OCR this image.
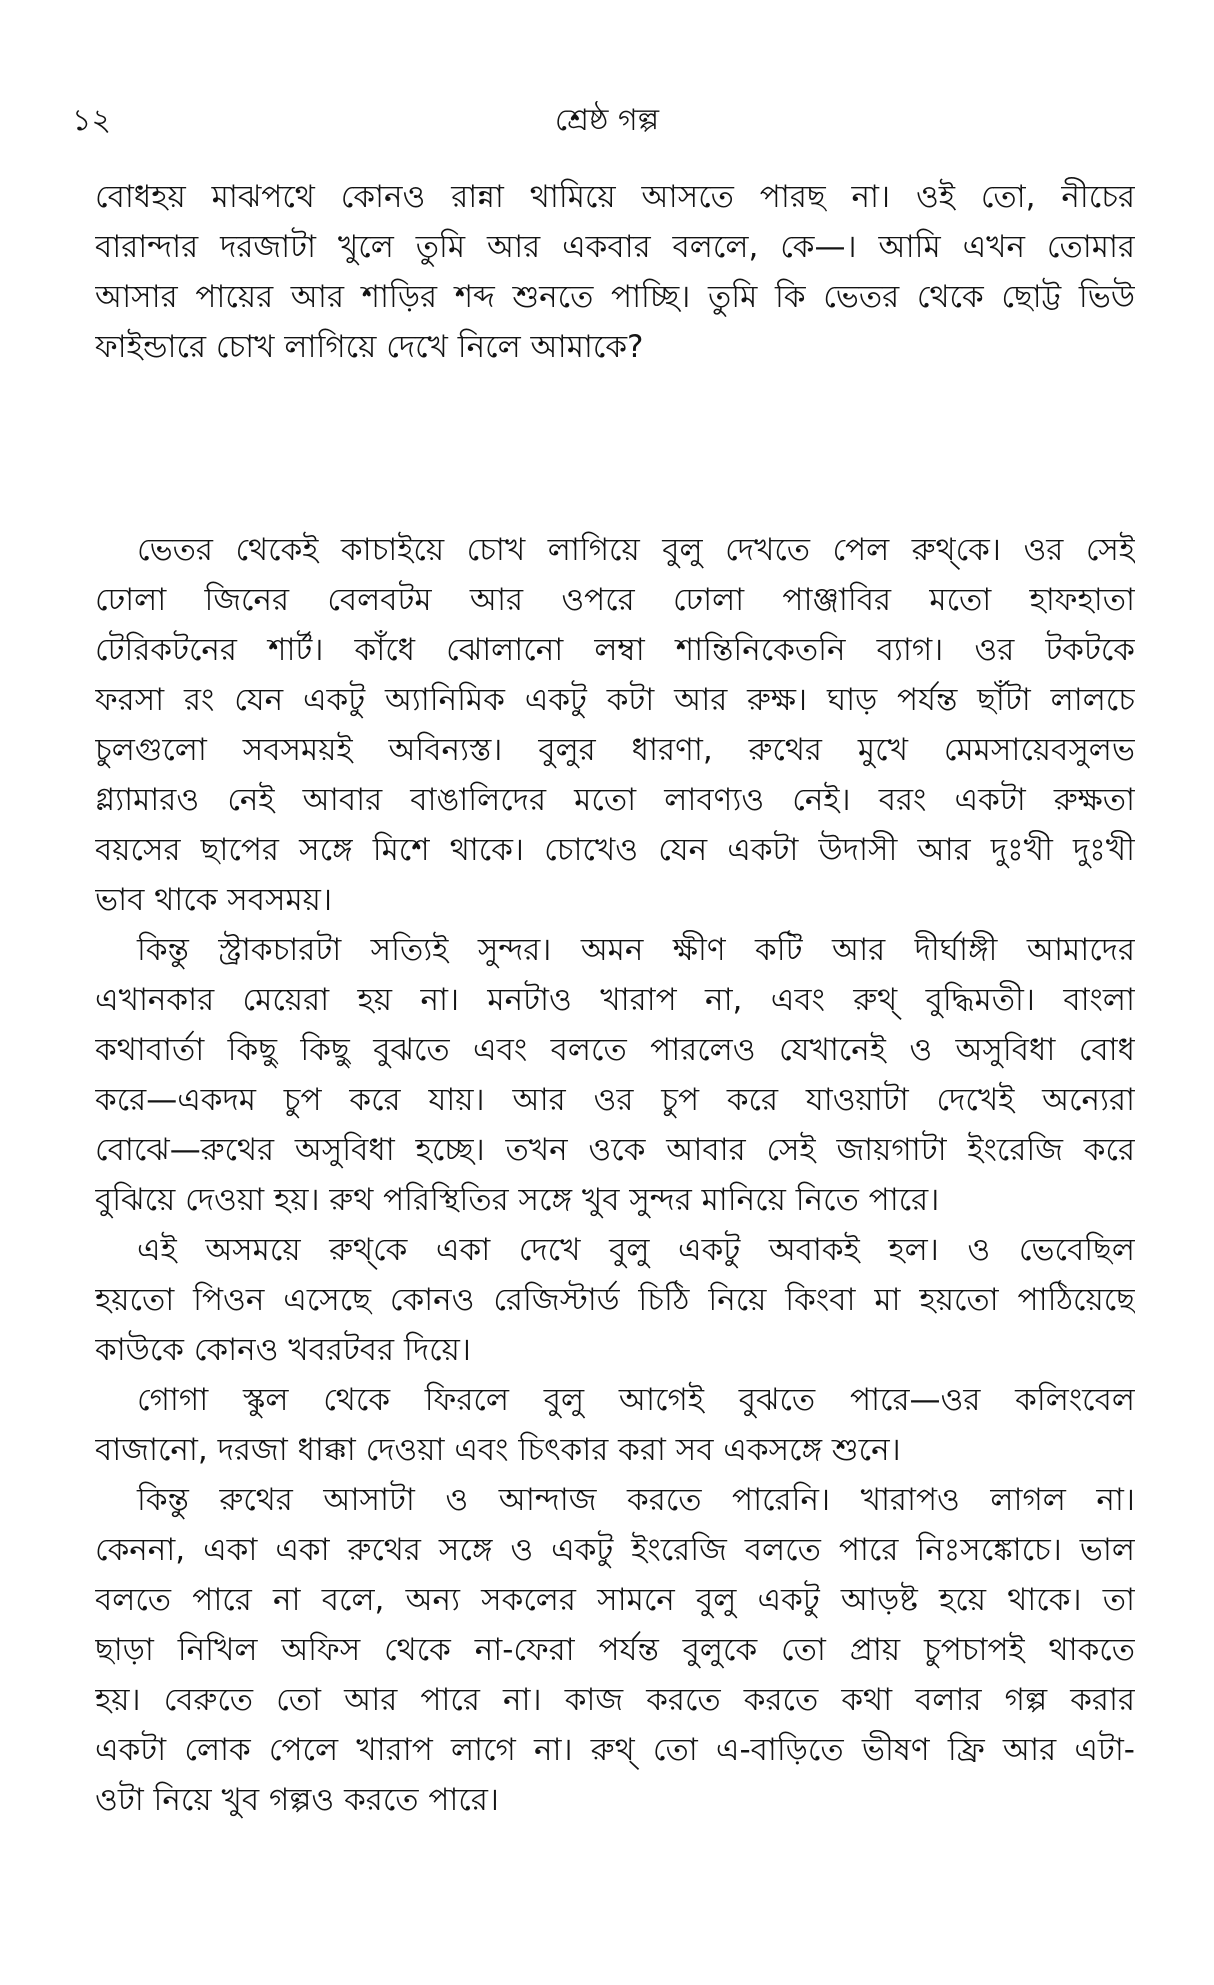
১২	শ্রেষ্ঠ গল্প
বোধহয় মাঝপথে কোনও রান্না থামিয়ে আসতে পারছ না। ওই তো, নীচের
বারান্দার দরজাটা খুলে তুমি আর একবার বললে, কে—। আমি এখন তোমার
আসার পায়ের আর শাড়ির শব্দ শুনতে পাচ্ছি। তুমি কি ভেতর থেকে ছোট্ট ভিউ
ফাইন্ডারে চোখ লাগিয়ে দেখে নিলে আমাকে?
ভেতর থেকেই কাচাইয়ে চোখ লাগিয়ে বুলু দেখতে পেল রুথ্‌কে। ওর সেই
ঢোলা জিনের বেলবটম আর ওপরে ঢোলা পাঞ্জাবির মতো হাফহাতা
টেরিকটনের শার্ট। কাঁধে ঝোলানো লম্বা শান্তিনিকেতনি ব্যাগ। ওর টকটকে
ফরসা রং যেন একটু অ্যানিমিক একটু কটা আর রুক্ষ। ঘাড় পর্যন্ত ছাঁটা লালচে
চুলগুলো সবসময়ই অবিন্যস্ত। বুলুর ধারণা, রুথের মুখে মেমসায়েবসুলভ
গ্ল্যামারও নেই আবার বাঙালিদের মতো লাবণ্যও নেই। বরং একটা রুক্ষতা
বয়সের ছাপের সঙ্গে মিশে থাকে। চোখেও যেন একটা উদাসী আর দুঃখী দুঃখী
ভাব থাকে সবসময়।
কিন্তু স্ট্রাকচারটা সত্যিই সুন্দর। অমন ক্ষীণ কটি আর দীর্ঘাঙ্গী আমাদের
এখানকার মেয়েরা হয় না। মনটাও খারাপ না, এবং রুথ্‌ বুদ্ধিমতী। বাংলা
কথাবার্তা কিছু কিছু বুঝতে এবং বলতে পারলেও যেখানেই ও অসুবিধা বোধ
করে—একদম চুপ করে যায়। আর ওর চুপ করে যাওয়াটা দেখেই অন্যেরা
বোঝে—রুথের অসুবিধা হচ্ছে। তখন ওকে আবার সেই জায়গাটা ইংরেজি করে
বুঝিয়ে দেওয়া হয়। রুথ পরিস্থিতির সঙ্গে খুব সুন্দর মানিয়ে নিতে পারে।
এই অসময়ে রুথ্‌কে একা দেখে বুলু একটু অবাকই হল। ও ভেবেছিল
হয়তো পিওন এসেছে কোনও রেজিস্টার্ড চিঠি নিয়ে কিংবা মা হয়তো পাঠিয়েছে
কাউকে কোনও খবরটবর দিয়ে।
গোগা স্কুল থেকে ফিরলে বুলু আগেই বুঝতে পারে—ওর কলিংবেল
বাজানো, দরজা ধাক্কা দেওয়া এবং চিৎকার করা সব একসঙ্গে শুনে।
কিন্তু রুথের আসাটা ও আন্দাজ করতে পারেনি। খারাপও লাগল না।
কেননা, একা একা রুথের সঙ্গে ও একটু ইংরেজি বলতে পারে নিঃসঙ্কোচে। ভাল
বলতে পারে না বলে, অন্য সকলের সামনে বুলু একটু আড়ষ্ট হয়ে থাকে। তা
ছাড়া নিখিল অফিস থেকে না-ফেরা পর্যন্ত বুলুকে তো প্রায় চুপচাপই থাকতে
হয়। বেরুতে তো আর পারে না। কাজ করতে করতে কথা বলার গল্প করার
একটা লোক পেলে খারাপ লাগে না। রুথ্‌ তো এ-বাড়িতে ভীষণ ফ্রি আর এটা-
ওটা নিয়ে খুব গল্পও করতে পারে।
